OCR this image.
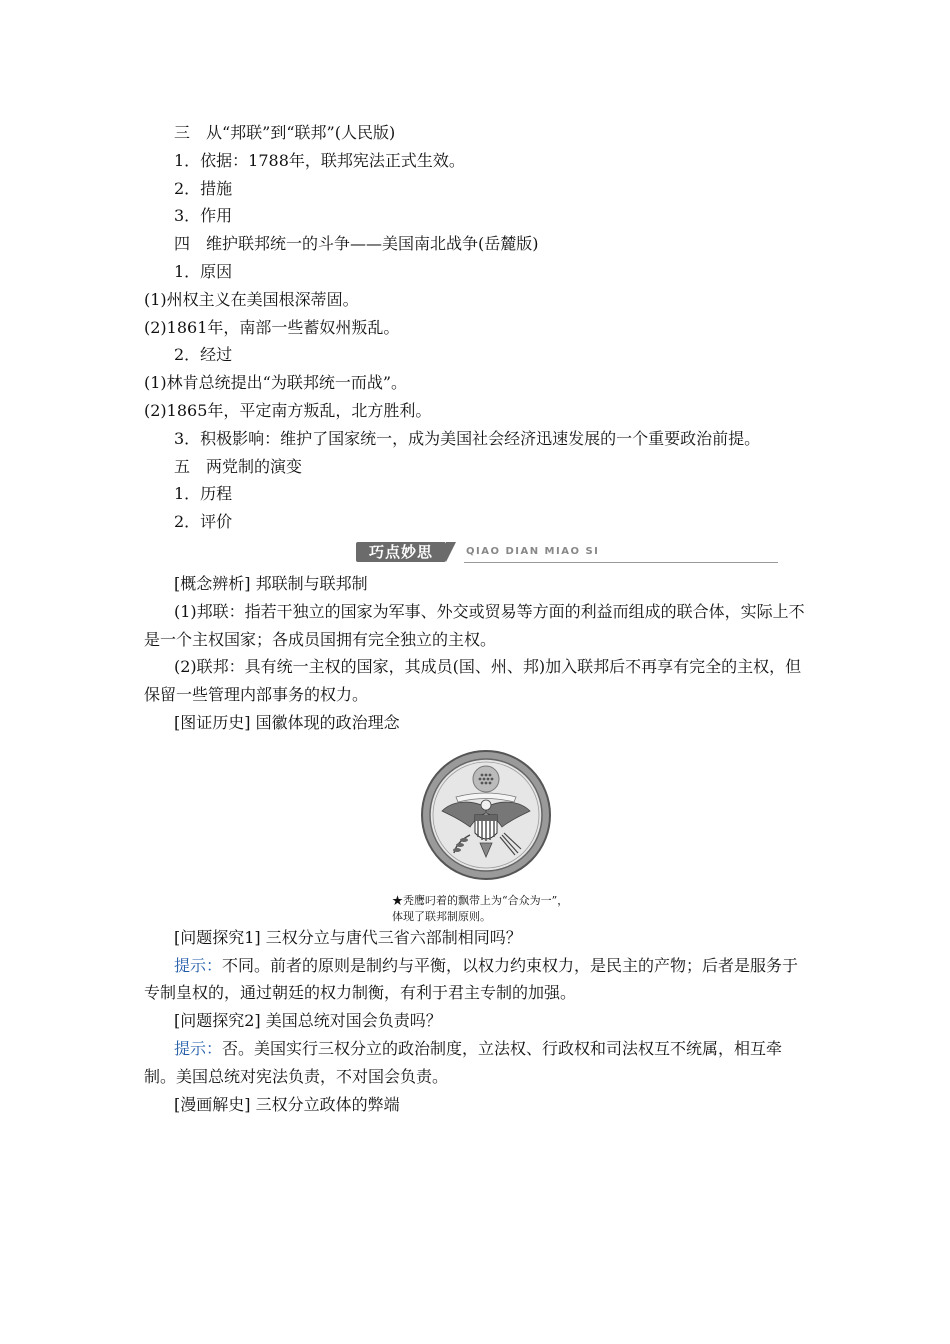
三　从“邦联”到“联邦”(人民版)
1．依据：1788年，联邦宪法正式生效。
2．措施
3．作用
四　维护联邦统一的斗争——美国南北战争(岳麓版)
1．原因
(1)州权主义在美国根深蒂固。
(2)1861年，南部一些蓄奴州叛乱。
2．经过
(1)林肯总统提出“为联邦统一而战”。
(2)1865年，平定南方叛乱，北方胜利。
3．积极影响：维护了国家统一，成为美国社会经济迅速发展的一个重要政治前提。
五　两党制的演变
1．历程
2．评价
巧点妙思	QIAO DIAN MIAO SI
[概念辨析] 邦联制与联邦制
(1)邦联：指若干独立的国家为军事、外交或贸易等方面的利益而组成的联合体，实际上不是一个主权国家；各成员国拥有完全独立的主权。
(2)联邦：具有统一主权的国家，其成员(国、州、邦)加入联邦后不再享有完全的主权，但保留一些管理内部事务的权力。
[图证历史] 国徽体现的政治理念
★秃鹰叼着的飘带上为“合众为一”，
体现了联邦制原则。
[问题探究1] 三权分立与唐代三省六部制相同吗？
提示：不同。前者的原则是制约与平衡，以权力约束权力，是民主的产物；后者是服务于专制皇权的，通过朝廷的权力制衡，有利于君主专制的加强。
[问题探究2] 美国总统对国会负责吗？
提示：否。美国实行三权分立的政治制度，立法权、行政权和司法权互不统属，相互牵制。美国总统对宪法负责，不对国会负责。
[漫画解史] 三权分立政体的弊端
